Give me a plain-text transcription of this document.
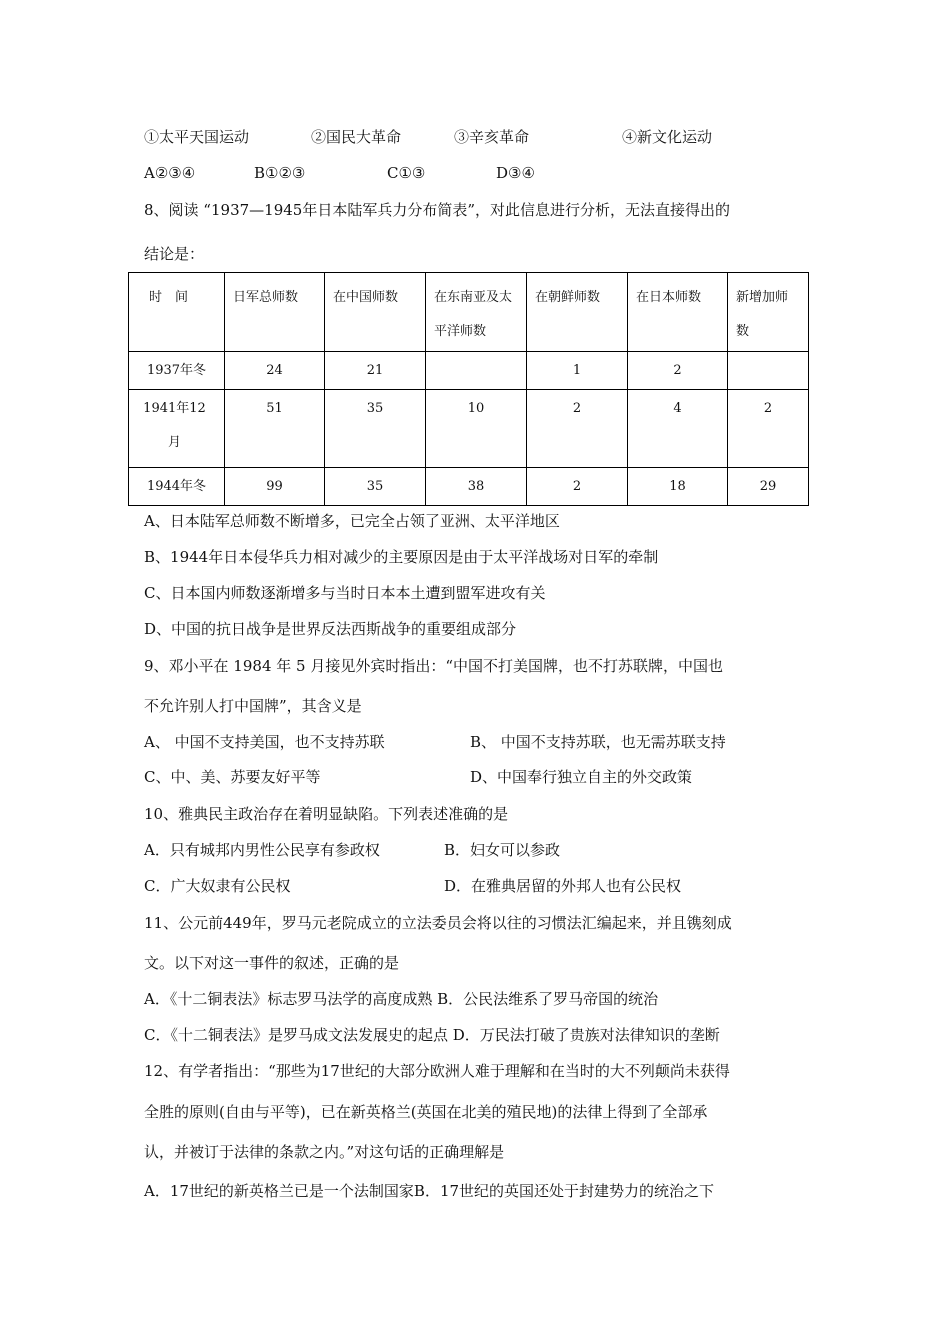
①太平天国运动	②国民大革命	③辛亥革命	④新文化运动
A②③④	B①②③	C①③	D③④
8、阅读 “1937—1945年日本陆军兵力分布简表”，对此信息进行分析，无法直接得出的
结论是：
时　间	日军总师数	在中国师数	在东南亚及太平洋师数	在朝鲜师数	在日本师数	新增加师数
1937年冬	24	21		1	2	
1941年12月	51	35	10	2	4	2
1944年冬	99	35	38	2	18	29
A、日本陆军总师数不断增多，已完全占领了亚洲、太平洋地区
B、1944年日本侵华兵力相对减少的主要原因是由于太平洋战场对日军的牵制
C、日本国内师数逐渐增多与当时日本本土遭到盟军进攻有关
D、中国的抗日战争是世界反法西斯战争的重要组成部分
9、邓小平在 1984 年 5 月接见外宾时指出：“中国不打美国牌，也不打苏联牌，中国也
不允许别人打中国牌”，其含义是
A、 中国不支持美国，也不支持苏联	B、 中国不支持苏联，也无需苏联支持
C、中、美、苏要友好平等	D、中国奉行独立自主的外交政策
10、雅典民主政治存在着明显缺陷。下列表述准确的是
A．只有城邦内男性公民享有参政权	B．妇女可以参政
C．广大奴隶有公民权	D．在雅典居留的外邦人也有公民权
11、公元前449年，罗马元老院成立的立法委员会将以往的习惯法汇编起来，并且镌刻成
文。以下对这一事件的叙述，正确的是
A．《十二铜表法》标志罗马法学的高度成熟 B．公民法维系了罗马帝国的统治
C．《十二铜表法》是罗马成文法发展史的起点 D．万民法打破了贵族对法律知识的垄断
12、有学者指出：“那些为17世纪的大部分欧洲人难于理解和在当时的大不列颠尚未获得
全胜的原则(自由与平等)，已在新英格兰(英国在北美的殖民地)的法律上得到了全部承
认，并被订于法律的条款之内。”对这句话的正确理解是
A．17世纪的新英格兰已是一个法制国家B．17世纪的英国还处于封建势力的统治之下
